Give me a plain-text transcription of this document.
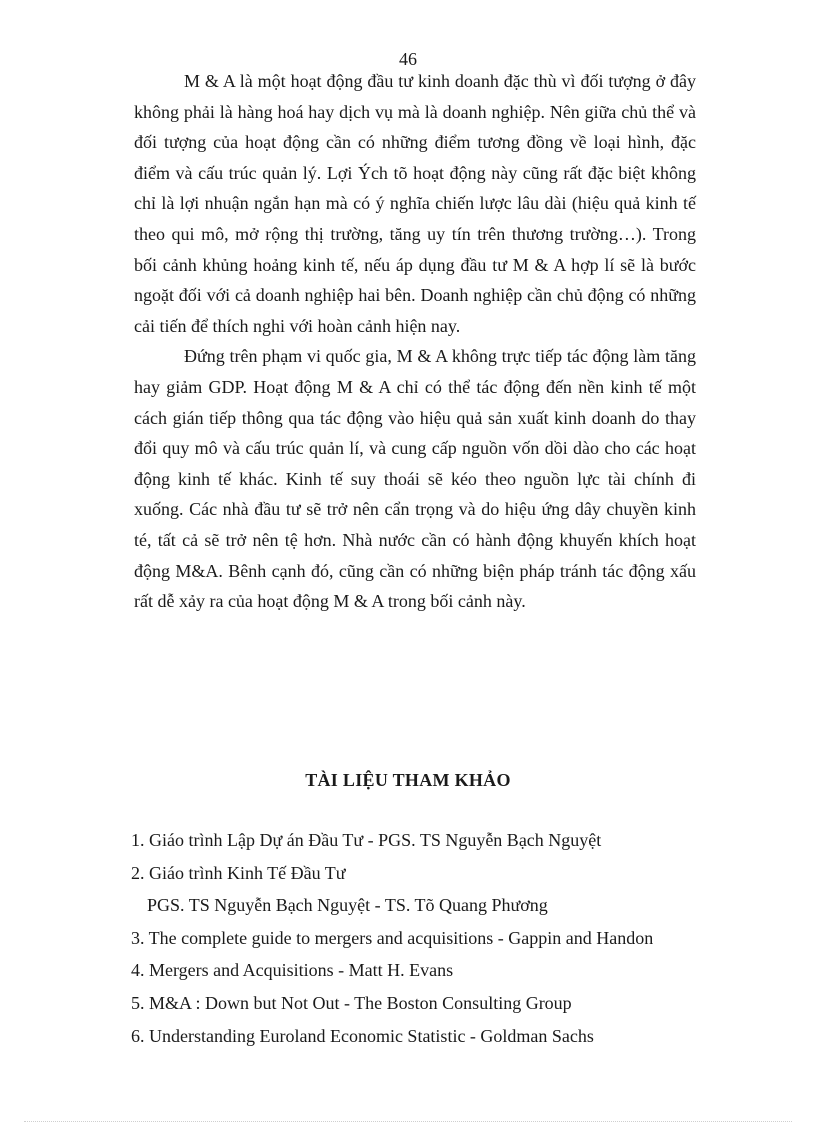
46

M & A là một hoạt động đầu tư kinh doanh đặc thù vì đối tượng ở đây không phải là hàng hoá hay dịch vụ mà là doanh nghiệp. Nên giữa chủ thể và đối tượng của hoạt động cần có những điểm tương đồng về loại hình, đặc điểm và cấu trúc quản lý. Lợi Ých tõ hoạt động này cũng rất đặc biệt không chỉ là lợi nhuận ngắn hạn mà có ý nghĩa chiến lược lâu dài (hiệu quả kinh tế theo qui mô, mở rộng thị trường, tăng uy tín trên thương trường…). Trong bối cảnh khủng hoảng kinh tế, nếu áp dụng đầu tư M & A hợp lí sẽ là bước ngoặt đối với cả doanh nghiệp hai bên. Doanh nghiệp cần chủ động có những cải tiến để thích nghi với hoàn cảnh hiện nay.

Đứng trên phạm vi quốc gia, M & A không trực tiếp tác động làm tăng hay giảm GDP. Hoạt động M & A chỉ có thể tác động đến nền kinh tế một cách gián tiếp thông qua tác động vào hiệu quả sản xuất kinh doanh do thay đổi quy mô và cấu trúc quản lí, và cung cấp nguồn vốn dồi dào cho các hoạt động kinh tế khác. Kinh tế suy thoái sẽ kéo theo nguồn lực tài chính đi xuống. Các nhà đầu tư sẽ trở nên cẩn trọng và do hiệu ứng dây chuyền kinh té, tất cả sẽ trở nên tệ hơn. Nhà nước cần có hành động khuyến khích hoạt động M&A. Bênh cạnh đó, cũng cần có những biện pháp tránh tác động xấu rất dễ xảy ra của hoạt động M & A trong bối cảnh này.

TÀI LIỆU THAM KHẢO
1. Giáo trình Lập Dự án Đầu Tư - PGS. TS Nguyễn Bạch Nguyệt
2. Giáo trình Kinh Tế Đầu Tư
PGS. TS Nguyễn Bạch Nguyệt - TS. Tõ Quang Phương
3. The complete guide to mergers and acquisitions - Gappin and Handon
4. Mergers and Acquisitions - Matt H. Evans
5. M&A : Down but Not Out - The Boston Consulting Group
6. Understanding Euroland Economic Statistic - Goldman Sachs
